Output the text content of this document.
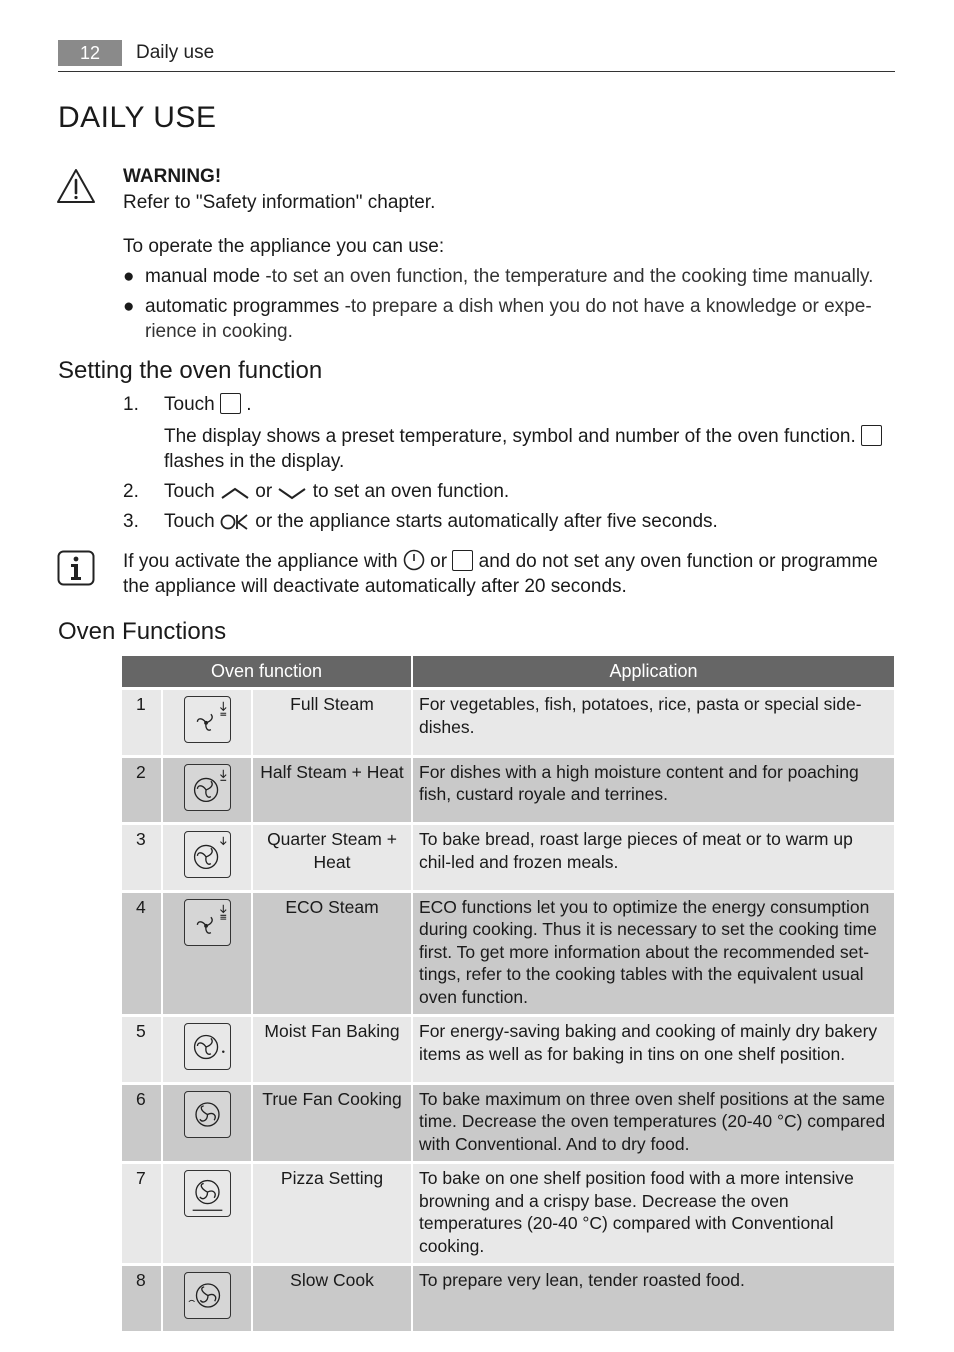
12	Daily use
DAILY USE
WARNING!
Refer to "Safety information" chapter.
To operate the appliance you can use:
● manual mode -to set an oven function, the temperature and the cooking time manually.
● automatic programmes -to prepare a dish when you do not have a knowledge or expe-rience in cooking.
Setting the oven function
1. Touch  .
The display shows a preset temperature, symbol and number of the oven function.  flashes in the display.
2. Touch  or  to set an oven function.
3. Touch  or the appliance starts automatically after five seconds.
If you activate the appliance with  or  and do not set any oven function or programme the appliance will deactivate automatically after 20 seconds.
Oven Functions
Oven function			Application
1		Full Steam	For vegetables, fish, potatoes, rice, pasta or special side-dishes.
2		Half Steam + Heat	For dishes with a high moisture content and for poaching fish, custard royale and terrines.
3		Quarter Steam + Heat	To bake bread, roast large pieces of meat or to warm up chil-led and frozen meals.
4		ECO Steam	ECO functions let you to optimize the energy consumption during cooking. Thus it is necessary to set the cooking time first. To get more information about the recommended set-tings, refer to the cooking tables with the equivalent usual oven function.
5		Moist Fan Baking	For energy-saving baking and cooking of mainly dry bakery items as well as for baking in tins on one shelf position.
6		True Fan Cooking	To bake maximum on three oven shelf positions at the same time. Decrease the oven temperatures (20-40 °C) compared with Conventional. And to dry food.
7		Pizza Setting	To bake on one shelf position food with a more intensive browning and a crispy base. Decrease the oven temperatures (20-40 °C) compared with Conventional cooking.
8		Slow Cook	To prepare very lean, tender roasted food.
